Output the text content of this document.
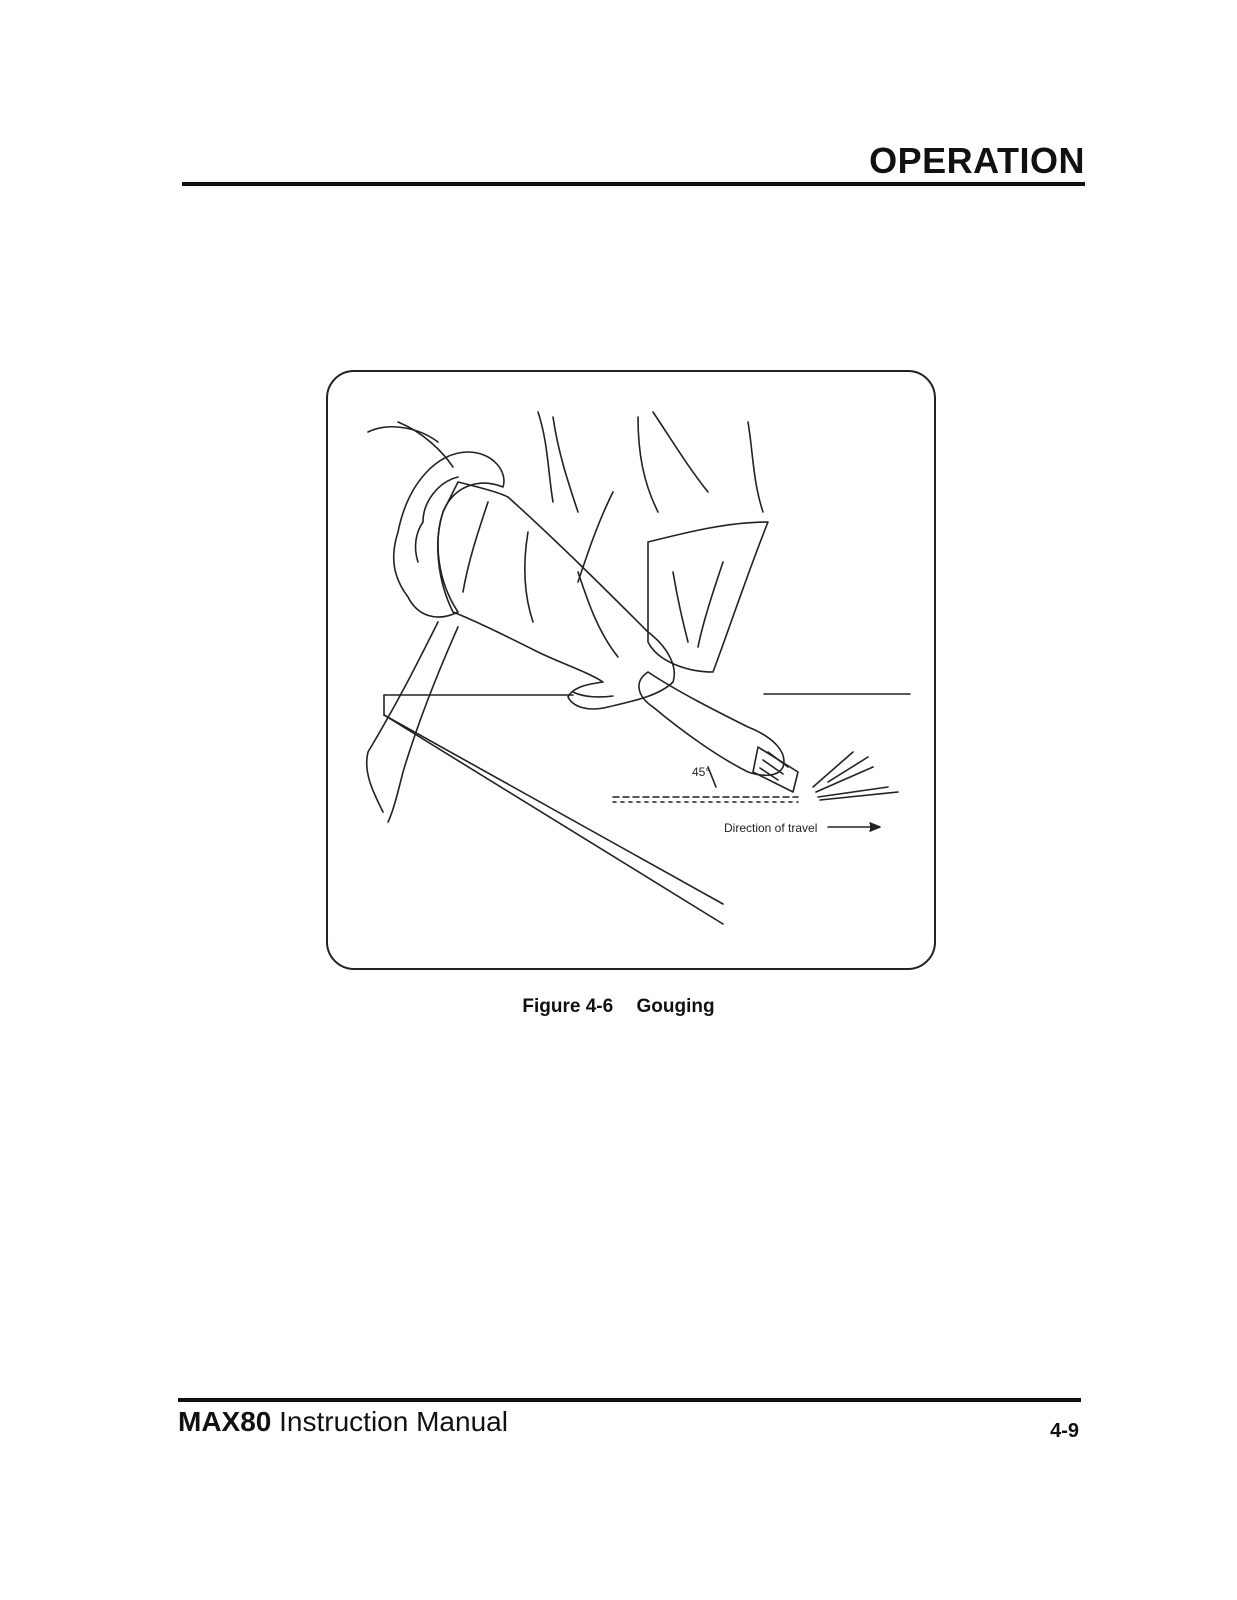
OPERATION
45°
Direction of travel
Figure 4-6 Gouging
MAX80 Instruction Manual	4-9
